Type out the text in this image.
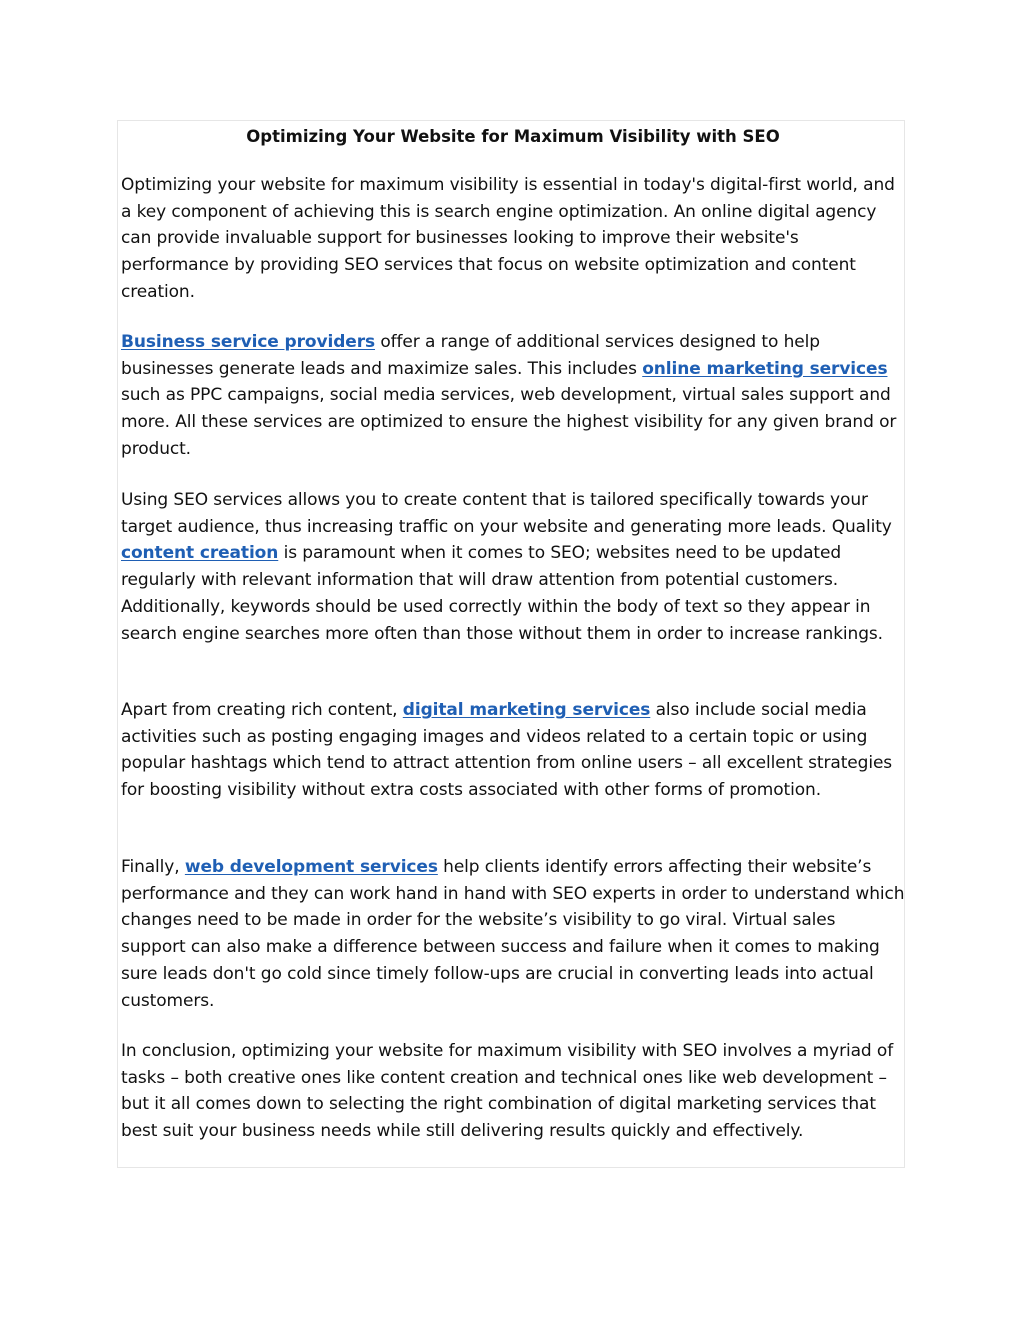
Optimizing Your Website for Maximum Visibility with SEO

Optimizing your website for maximum visibility is essential in today's digital-first world, and a key component of achieving this is search engine optimization. An online digital agency can provide invaluable support for businesses looking to improve their website's performance by providing SEO services that focus on website optimization and content creation.

Business service providers offer a range of additional services designed to help businesses generate leads and maximize sales. This includes online marketing services such as PPC campaigns, social media services, web development, virtual sales support and more. All these services are optimized to ensure the highest visibility for any given brand or product.

Using SEO services allows you to create content that is tailored specifically towards your target audience, thus increasing traffic on your website and generating more leads. Quality content creation is paramount when it comes to SEO; websites need to be updated regularly with relevant information that will draw attention from potential customers. Additionally, keywords should be used correctly within the body of text so they appear in search engine searches more often than those without them in order to increase rankings.

Apart from creating rich content, digital marketing services also include social media activities such as posting engaging images and videos related to a certain topic or using popular hashtags which tend to attract attention from online users – all excellent strategies for boosting visibility without extra costs associated with other forms of promotion.

Finally, web development services help clients identify errors affecting their website’s performance and they can work hand in hand with SEO experts in order to understand which changes need to be made in order for the website’s visibility to go viral. Virtual sales support can also make a difference between success and failure when it comes to making sure leads don't go cold since timely follow-ups are crucial in converting leads into actual customers.

In conclusion, optimizing your website for maximum visibility with SEO involves a myriad of tasks – both creative ones like content creation and technical ones like web development – but it all comes down to selecting the right combination of digital marketing services that best suit your business needs while still delivering results quickly and effectively.
